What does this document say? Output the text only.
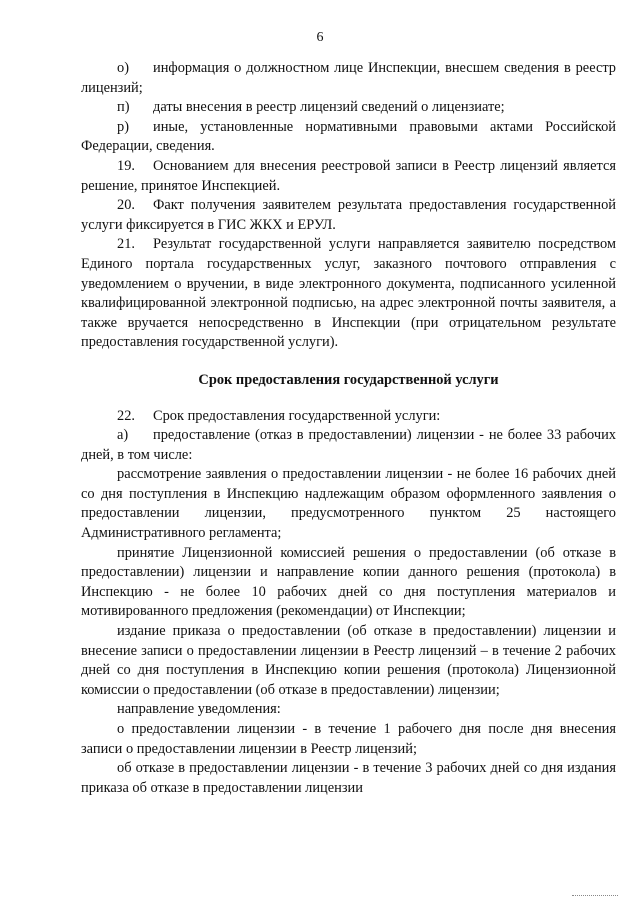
6

о) информация о должностном лице Инспекции, внесшем сведения в реестр лицензий;

п) даты внесения в реестр лицензий сведений о лицензиате;

р) иные, установленные нормативными правовыми актами Российской Федерации, сведения.

19. Основанием для внесения реестровой записи в Реестр лицензий является решение, принятое Инспекцией.

20. Факт получения заявителем результата предоставления государственной услуги фиксируется в ГИС ЖКХ и ЕРУЛ.

21. Результат государственной услуги направляется заявителю посредством Единого портала государственных услуг, заказного почтового отправления с уведомлением о вручении, в виде электронного документа, подписанного усиленной квалифицированной электронной подписью, на адрес электронной почты заявителя, а также вручается непосредственно в Инспекции (при отрицательном результате предоставления государственной услуги).

Срок предоставления государственной услуги

22. Срок предоставления государственной услуги:

а) предоставление (отказ в предоставлении) лицензии - не более 33 рабочих дней, в том числе:

рассмотрение заявления о предоставлении лицензии - не более 16 рабочих дней со дня поступления в Инспекцию надлежащим образом оформленного заявления о предоставлении лицензии, предусмотренного пунктом 25 настоящего Административного регламента;

принятие Лицензионной комиссией решения о предоставлении (об отказе в предоставлении) лицензии и направление копии данного решения (протокола) в Инспекцию - не более 10 рабочих дней со дня поступления материалов и мотивированного предложения (рекомендации) от Инспекции;

издание приказа о предоставлении (об отказе в предоставлении) лицензии и внесение записи о предоставлении лицензии в Реестр лицензий – в течение 2 рабочих дней со дня поступления в Инспекцию копии решения (протокола) Лицензионной комиссии о предоставлении (об отказе в предоставлении) лицензии;

направление уведомления:

о предоставлении лицензии - в течение 1 рабочего дня после дня внесения записи о предоставлении лицензии в Реестр лицензий;

об отказе в предоставлении лицензии - в течение 3 рабочих дней со дня издания приказа об отказе в предоставлении лицензии
